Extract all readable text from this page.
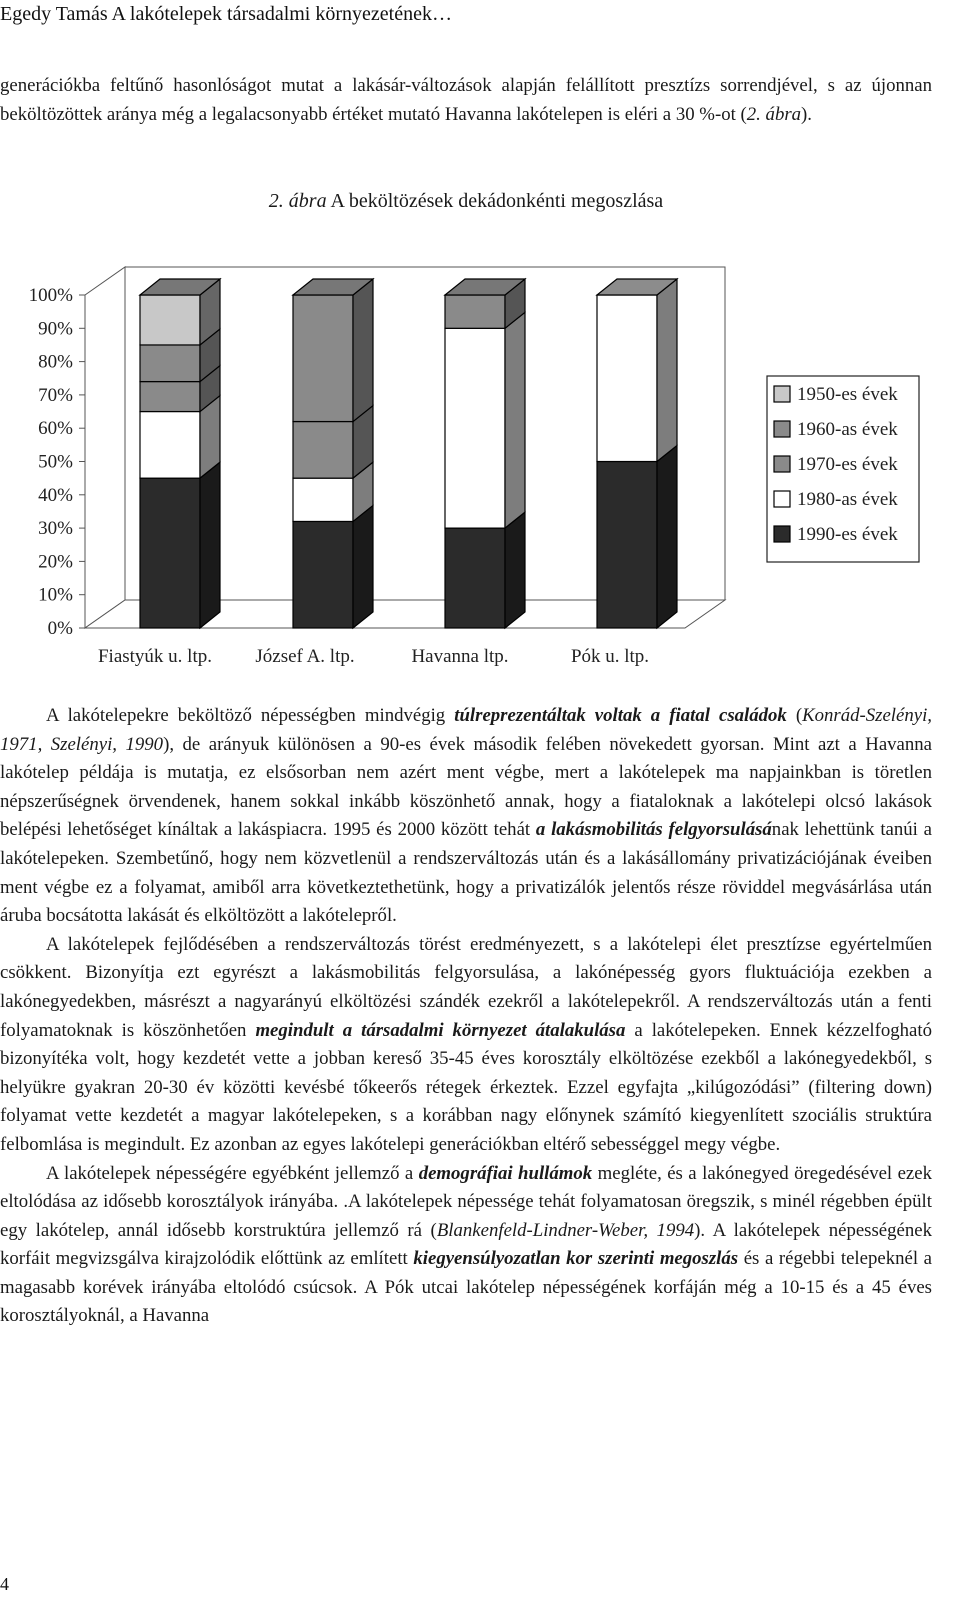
Egedy Tamás A lakótelepek társadalmi környezetének…

generációkba feltűnő hasonlóságot mutat a lakásár-változások alapján felállított presztízs sorrendjével, s az újonnan beköltözöttek aránya még a legalacsonyabb értéket mutató Havanna lakótelepen is eléri a 30 %-ot (2. ábra).

2. ábra A beköltözések dekádonkénti megoszlása
0%
10%
20%
30%
40%
50%
60%
70%
80%
90%
100%
Fiastyúk u. ltp. József A. ltp.	Havanna ltp.	Pók u. ltp.
1950-es évek
1960-as évek
1970-es évek
1980-as évek
1990-es évek

A lakótelepekre beköltöző népességben mindvégig túlreprezentáltak voltak a fiatal családok (Konrád-Szelényi, 1971, Szelényi, 1990), de arányuk különösen a 90-es évek második felében növekedett gyorsan. Mint azt a Havanna lakótelep példája is mutatja, ez elsősorban nem azért ment végbe, mert a lakótelepek ma napjainkban is töretlen népszerűségnek örvendenek, hanem sokkal inkább köszönhető annak, hogy a fiataloknak a lakótelepi olcsó lakások belépési lehetőséget kínáltak a lakáspiacra. 1995 és 2000 között tehát a lakásmobilitás felgyorsulásának lehettünk tanúi a lakótelepeken. Szembetűnő, hogy nem közvetlenül a rendszerváltozás után és a lakásállomány privatizációjának éveiben ment végbe ez a folyamat, amiből arra következtethetünk, hogy a privatizálók jelentős része röviddel megvásárlása után áruba bocsátotta lakását és elköltözött a lakótelepről.

A lakótelepek fejlődésében a rendszerváltozás törést eredményezett, s a lakótelepi élet presztízse egyértelműen csökkent. Bizonyítja ezt egyrészt a lakásmobilitás felgyorsulása, a lakónépesség gyors fluktuációja ezekben a lakónegyedekben, másrészt a nagyarányú elköltözési szándék ezekről a lakótelepekről. A rendszerváltozás után a fenti folyamatoknak is köszönhetően megindult a társadalmi környezet átalakulása a lakótelepeken. Ennek kézzelfogható bizonyítéka volt, hogy kezdetét vette a jobban kereső 35-45 éves korosztály elköltözése ezekből a lakónegyedekből, s helyükre gyakran 20-30 év közötti kevésbé tőkeerős rétegek érkeztek. Ezzel egyfajta „kilúgozódási” (filtering down) folyamat vette kezdetét a magyar lakótelepeken, s a korábban nagy előnynek számító kiegyenlített szociális struktúra felbomlása is megindult. Ez azonban az egyes lakótelepi generációkban eltérő sebességgel megy végbe.

A lakótelepek népességére egyébként jellemző a demográfiai hullámok megléte, és a lakónegyed öregedésével ezek eltolódása az idősebb korosztályok irányába. .A lakótelepek népessége tehát folyamatosan öregszik, s minél régebben épült egy lakótelep, annál idősebb korstruktúra jellemző rá (Blankenfeld-Lindner-Weber, 1994). A lakótelepek népességének korfáit megvizsgálva kirajzolódik előttünk az említett kiegyensúlyozatlan kor szerinti megoszlás és a régebbi telepeknél a magasabb korévek irányába eltolódó csúcsok. A Pók utcai lakótelep népességének korfáján még a 10-15 és a 45 éves korosztályoknál, a Havanna

4
